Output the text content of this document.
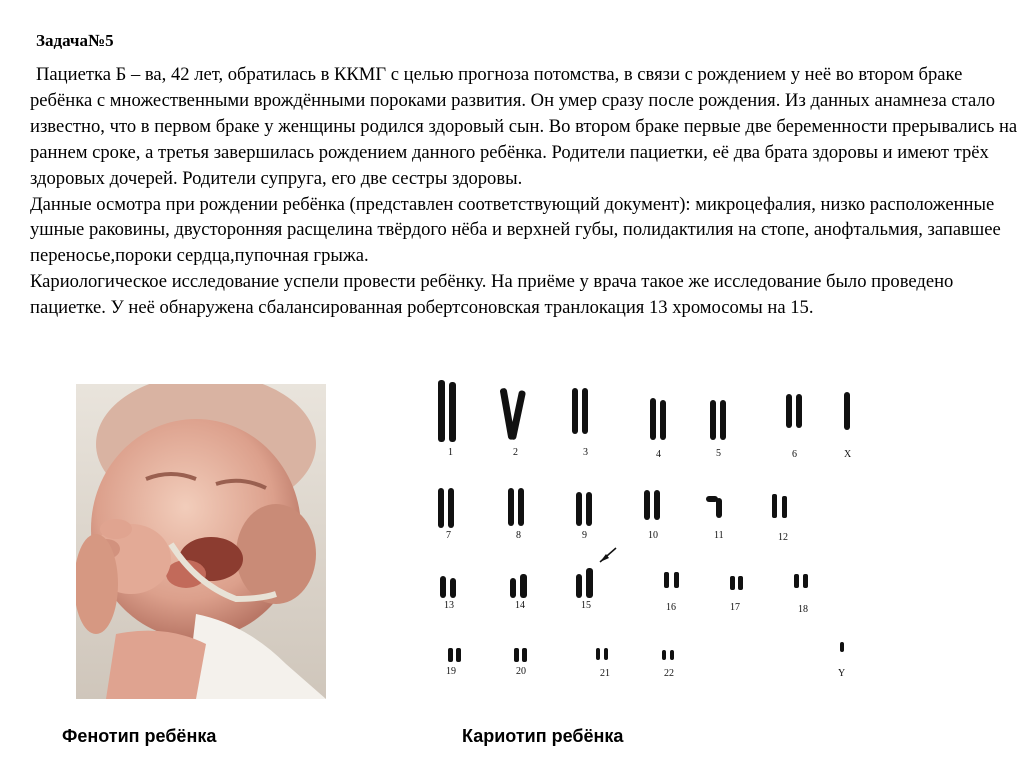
Задача№5
Пациетка Б – ва, 42 лет, обратилась в ККМГ с целью прогноза потомства, в связи с рождением у неё во втором браке ребёнка с множественными врождёнными пороками развития. Он умер сразу после рождения. Из данных анамнеза стало известно, что в первом браке у женщины родился здоровый сын. Во втором браке первые две беременности прерывались на раннем сроке, а третья завершилась рождением данного ребёнка. Родители пациетки, её два брата здоровы и имеют трёх здоровых дочерей. Родители супруга, его две сестры здоровы.
Данные осмотра при рождении ребёнка (представлен соответствующий документ): микроцефалия, низко расположенные ушные раковины, двусторонняя расщелина твёрдого нёба и верхней губы, полидактилия на стопе, анофтальмия, запавшее переносье,пороки сердца,пупочная грыжа.
Кариологическое исследование успели провести ребёнку. На приёме у врача такое же исследование было проведено пациетке. У неё обнаружена сбалансированная робертсоновская транлокация 13 хромосомы на 15.
1	2	3	4	5	6	X
7	8	9	10	11	12
13	14	15	16	17	18
19	20	21	22	Y
Фенотип ребёнка	Кариотип ребёнка
